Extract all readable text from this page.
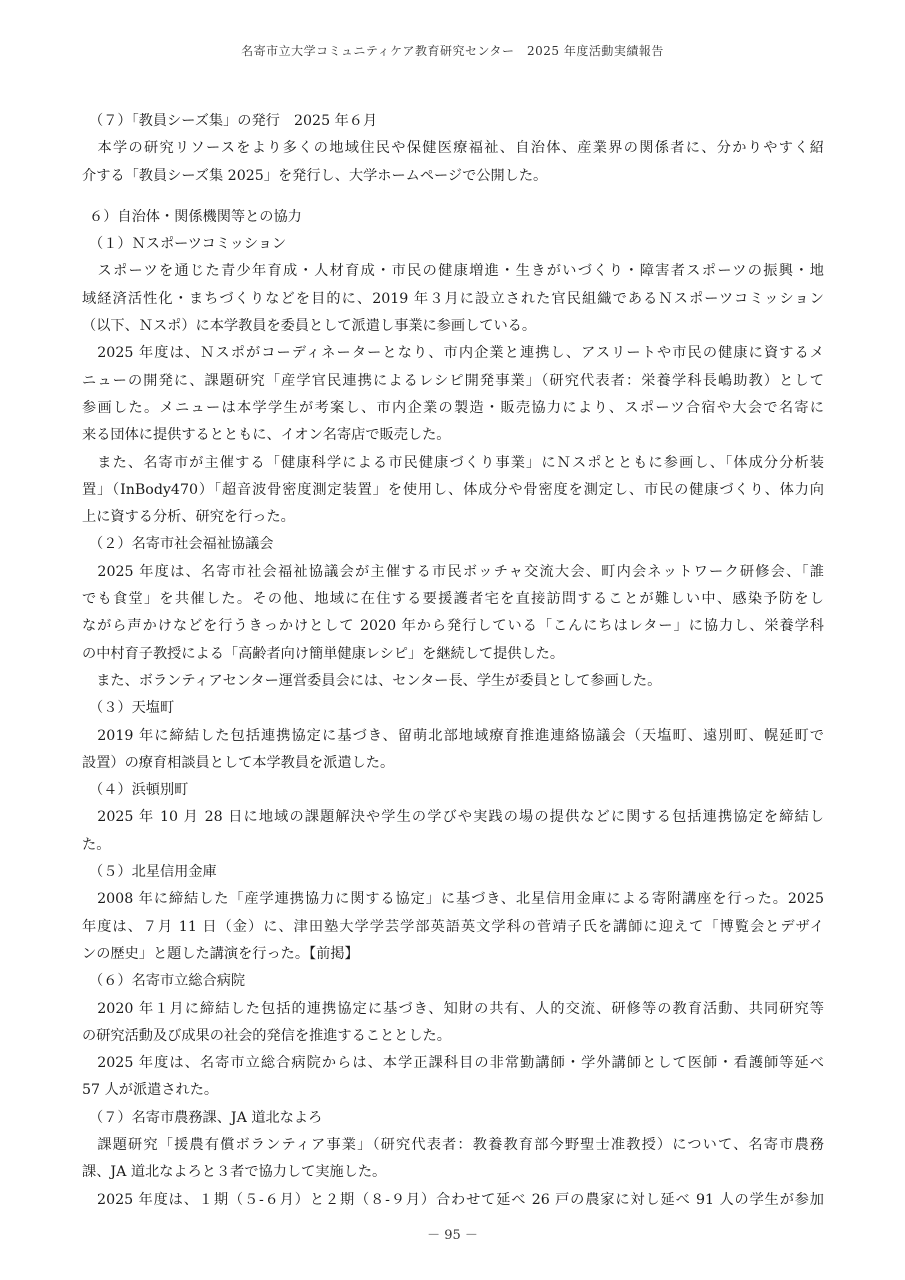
名寄市立大学コミュニティケア教育研究センター　2025 年度活動実績報告
（７）「教員シーズ集」の発行　2025 年６月
　本学の研究リソースをより多くの地域住民や保健医療福祉、自治体、産業界の関係者に、分かりやすく紹
介する「教員シーズ集 2025」を発行し、大学ホームページで公開した。
６）自治体・関係機関等との協力
（１）Ｎスポーツコミッション
　スポーツを通じた青少年育成・人材育成・市民の健康増進・生きがいづくり・障害者スポーツの振興・地
域経済活性化・まちづくりなどを目的に、2019 年３月に設立された官民組織であるＮスポーツコミッション
（以下、Ｎスポ）に本学教員を委員として派遣し事業に参画している。
　2025 年度は、Ｎスポがコーディネーターとなり、市内企業と連携し、アスリートや市民の健康に資するメ
ニューの開発に、課題研究「産学官民連携によるレシピ開発事業」（研究代表者：栄養学科長嶋助教）として
参画した。メニューは本学学生が考案し、市内企業の製造・販売協力により、スポーツ合宿や大会で名寄に
来る団体に提供するとともに、イオン名寄店で販売した。
　また、名寄市が主催する「健康科学による市民健康づくり事業」にＮスポとともに参画し、「体成分分析装
置」（InBody470）「超音波骨密度測定装置」を使用し、体成分や骨密度を測定し、市民の健康づくり、体力向
上に資する分析、研究を行った。
（２）名寄市社会福祉協議会
　2025 年度は、名寄市社会福祉協議会が主催する市民ボッチャ交流大会、町内会ネットワーク研修会、「誰
でも食堂」を共催した。その他、地域に在住する要援護者宅を直接訪問することが難しい中、感染予防をし
ながら声かけなどを行うきっかけとして 2020 年から発行している「こんにちはレター」に協力し、栄養学科
の中村育子教授による「高齢者向け簡単健康レシピ」を継続して提供した。
　また、ボランティアセンター運営委員会には、センター長、学生が委員として参画した。
（３）天塩町
　2019 年に締結した包括連携協定に基づき、留萌北部地域療育推進連絡協議会（天塩町、遠別町、幌延町で
設置）の療育相談員として本学教員を派遣した。
（４）浜頓別町
　2025 年 10 月 28 日に地域の課題解決や学生の学びや実践の場の提供などに関する包括連携協定を締結し
た。
（５）北星信用金庫
　2008 年に締結した「産学連携協力に関する協定」に基づき、北星信用金庫による寄附講座を行った。2025
年度は、７月 11 日（金）に、津田塾大学学芸学部英語英文学科の菅靖子氏を講師に迎えて「博覧会とデザイ
ンの歴史」と題した講演を行った。【前掲】
（６）名寄市立総合病院
　2020 年１月に締結した包括的連携協定に基づき、知財の共有、人的交流、研修等の教育活動、共同研究等
の研究活動及び成果の社会的発信を推進することとした。
　2025 年度は、名寄市立総合病院からは、本学正課科目の非常勤講師・学外講師として医師・看護師等延べ
57 人が派遣された。
（７）名寄市農務課、JA 道北なよろ
　課題研究「援農有償ボランティア事業」（研究代表者：教養教育部今野聖士准教授）について、名寄市農務
課、JA 道北なよろと３者で協力して実施した。
　2025 年度は、１期（５-６月）と２期（８-９月）合わせて延べ 26 戸の農家に対し延べ 91 人の学生が参加
－ 95 －
